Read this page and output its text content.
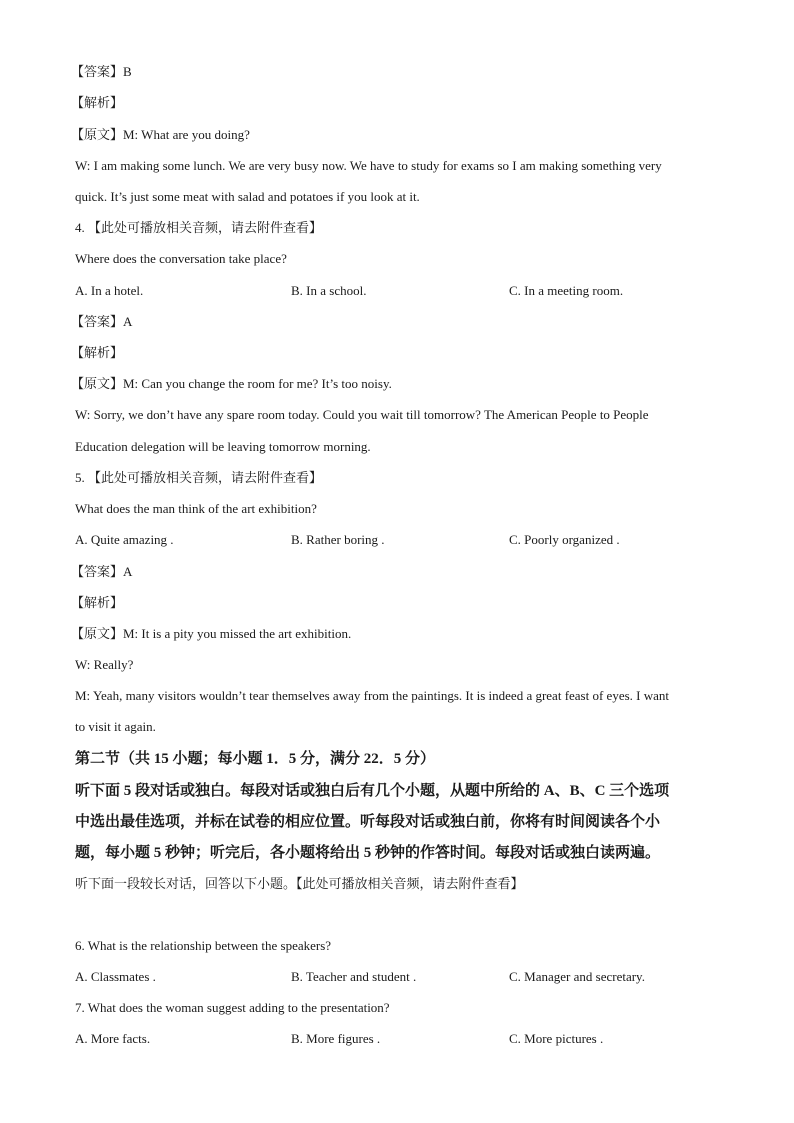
【答案】B
【解析】
【原文】M: What are you doing?
W: I am making some lunch. We are very busy now. We have to study for exams so I am making something very
quick. It’s just some meat with salad and potatoes if you look at it.
4. 【此处可播放相关音频，请去附件查看】
Where does the conversation take place?
A. In a hotel.	B. In a school.	C. In a meeting room.
【答案】A
【解析】
【原文】M: Can you change the room for me? It’s too noisy.
W: Sorry, we don’t have any spare room today. Could you wait till tomorrow? The American People to People
Education delegation will be leaving tomorrow morning.
5. 【此处可播放相关音频，请去附件查看】
What does the man think of the art exhibition?
A. Quite amazing .	B. Rather boring .	C. Poorly organized .
【答案】A
【解析】
【原文】M: It is a pity you missed the art exhibition.
W: Really?
M: Yeah, many visitors wouldn’t tear themselves away from the paintings. It is indeed a great feast of eyes. I want
to visit it again.
第二节（共 15 小题；每小题 1．5 分，满分 22．5 分）
听下面 5 段对话或独白。每段对话或独白后有几个小题，从题中所给的 A、B、C 三个选项
中选出最佳选项，并标在试卷的相应位置。听每段对话或独白前，你将有时间阅读各个小
题，每小题 5 秒钟；听完后，各小题将给出 5 秒钟的作答时间。每段对话或独白读两遍。
听下面一段较长对话，回答以下小题。【此处可播放相关音频，请去附件查看】
6. What is the relationship between the speakers?
A. Classmates .	B. Teacher and student .	C. Manager and secretary.
7. What does the woman suggest adding to the presentation?
A. More facts.	B. More figures .	C. More pictures .
